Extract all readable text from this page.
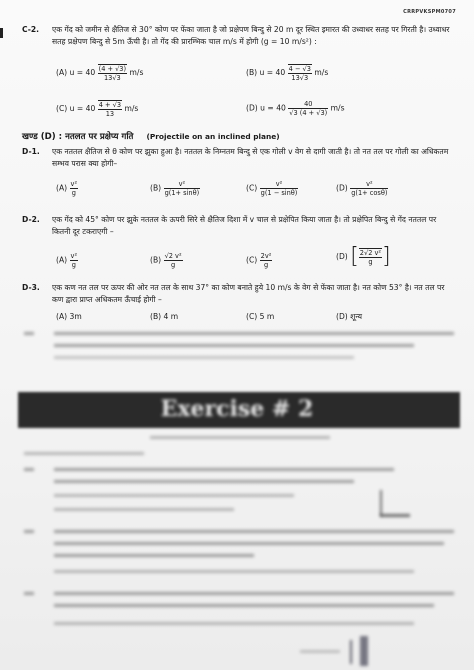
CRRPVKSPM0707
C-2. एक गेंद को जमीन से क्षैतिज से 30° कोण पर फेंका जाता है जो प्रक्षेपण बिन्दु से 20 m दूर स्थित इमारत की उध्वाधर सतह पर गिरती है। उध्वाधर सतह प्रक्षेपण बिन्दु से 5m ऊँची है। तो गेंद की प्रारम्भिक चाल m/s में होगी (g = 10 m/s²) :
(A) $u = 40 \frac{(4 + √3)}{13√3} m/s$	(B) $u = 40 \frac{4 - √3}{13√3} m/s$
(C) $u = 40 \frac{4 + √3}{13} m/s$	(D) $u = 40 \frac{40}{√3 (4 + √3)} m/s$
खण्ड (D) : नतलत पर प्रक्षेप्य गति (Projectile on an inclined plane)
D-1. एक नततल क्षैतिज से θ कोण पर झुका हुआ है। नततल के निम्नतम बिन्दु से एक गोली v वेग से दागी जाती है। तो नत तल पर गोली का अधिकतम सम्भव परास क्या होगी–
$(A) \frac{\text{v²}}{g}$	$(B) \frac{\text{v²}}{g(1+ \sin\theta)}$	$(C) \frac{\text{v²}}{g(1 - \sin\theta)}$	$(D) \frac{\text{v²}}{g(1+ \cos\theta)}$
D-2. एक गेंद को 45° कोण पर झुके नततल के ऊपरी सिरे से क्षैतिज दिशा में v चाल से प्रक्षेपित किया जाता है। तो प्रक्षेपित बिन्दु से गेंद नततल पर कितनी दूर टकराएगी –
$(A) \frac{\text{v²}}{g}$	$(B) \frac{\text{√2 v²}}{g}$	$(C) \frac{\text{2v²}}{g}$	(D) [ $\frac{\text{2√2 v²}}{g}$ ]
D-3. एक कण नत तल पर ऊपर की ओर नत तल के साथ 37° का कोण बनाते हुये 10 m/s के वेग से फेंका जाता है। नत कोण 53° है। नत तल पर कण द्वारा प्राप्त अधिकतम ऊँचाई होगी –
(A) 3m	(B) 4 m	(C) 5 m	(D) शून्य
Exercise # 2
